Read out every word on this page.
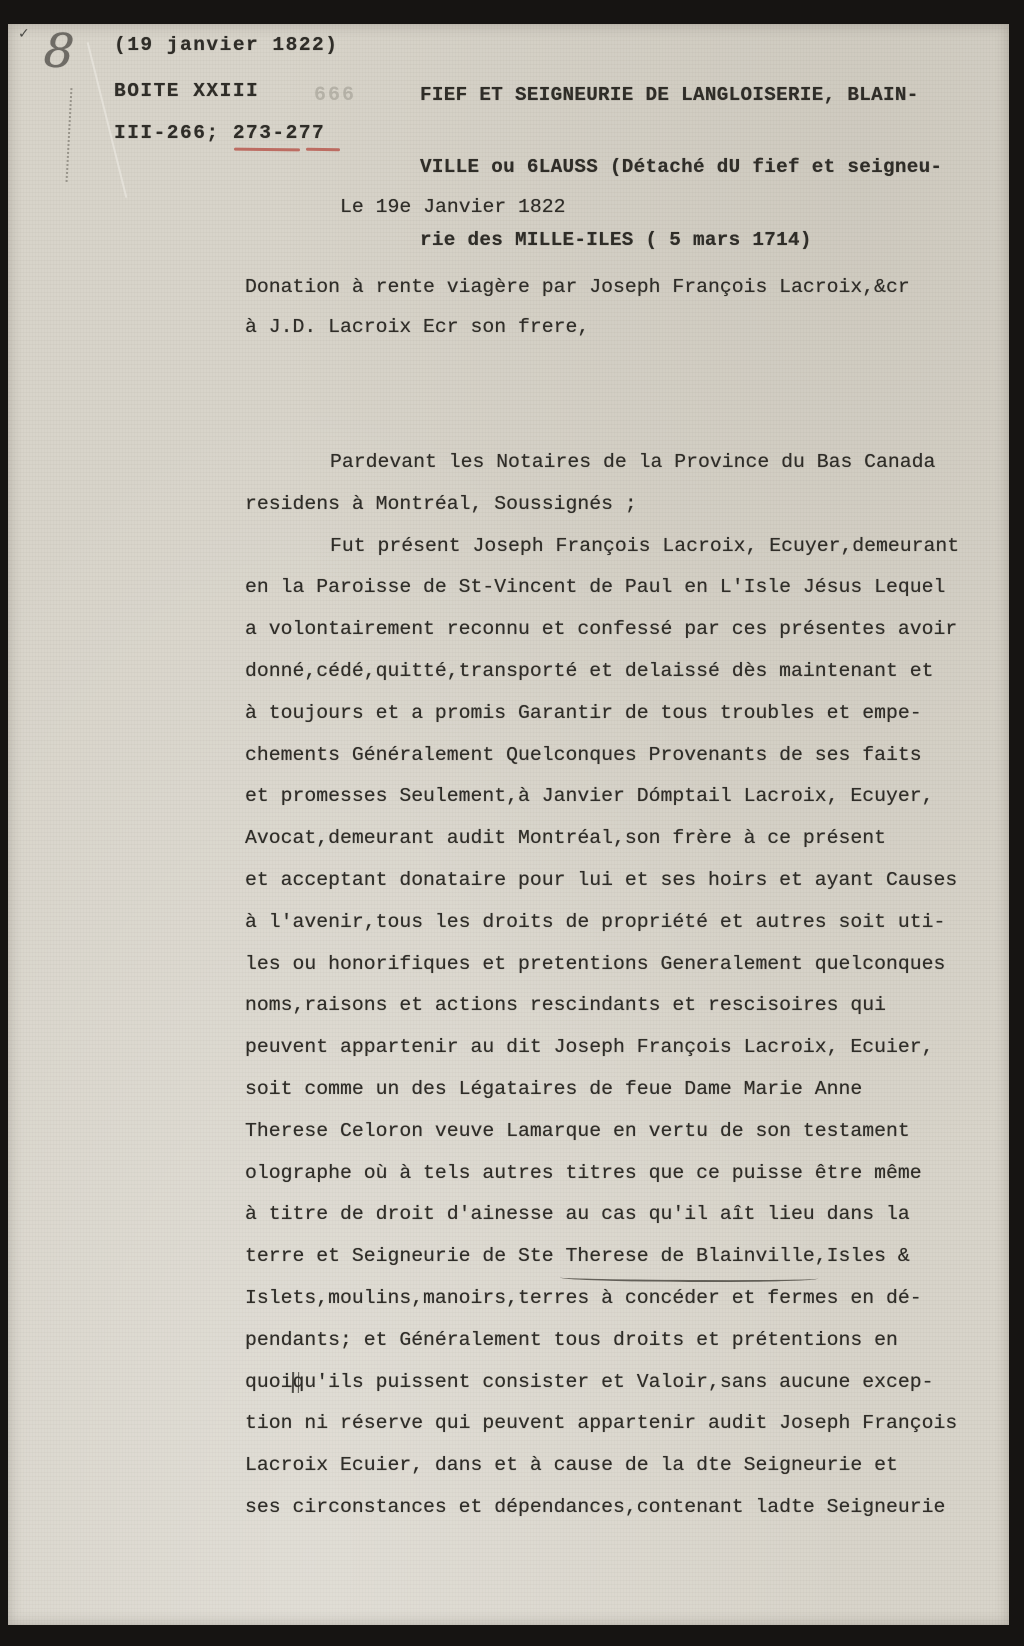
✓ 8 (19 janvier 1822)
BOITE XXIII	666
III-266; 273-277

FIEF ET SEIGNEURIE DE LANGLOISERIE, BLAIN-

VILLE ou 6LAUSS (Détaché dU fief et seigneu-

rie des MILLE-ILES ( 5 mars 1714)

Le 19e Janvier 1822
Donation à rente viagère par Joseph François Lacroix,&cr
à J.D. Lacroix Ecr son frere,
Pardevant les Notaires de la Province du Bas Canada
residens à Montréal, Soussignés ;
Fut présent Joseph François Lacroix, Ecuyer,demeurant
en la Paroisse de St-Vincent de Paul en L'Isle Jésus Lequel
a volontairement reconnu et confessé par ces présentes avoir
donné,cédé,quitté,transporté et delaissé dès maintenant et
à toujours et a promis Garantir de tous troubles et empe-
chements Généralement Quelconques Provenants de ses faits
et promesses Seulement,à Janvier Dómptail Lacroix, Ecuyer,
Avocat,demeurant audit Montréal,son frère à ce présent
et acceptant donataire pour lui et ses hoirs et ayant Causes
à l'avenir,tous les droits de propriété et autres soit uti-
les ou honorifiques et pretentions Generalement quelconques
noms,raisons et actions rescindants et rescisoires qui
peuvent appartenir au dit Joseph François Lacroix, Ecuier,
soit comme un des Légataires de feue Dame Marie Anne
Therese Celoron veuve Lamarque en vertu de son testament
olographe où à tels autres titres que ce puisse être même
à titre de droit d'ainesse au cas qu'il aît lieu dans la
terre et Seigneurie de Ste Therese de Blainville,Isles &
Islets,moulins,manoirs,terres à concéder et fermes en dé-
pendants; et Généralement tous droits et prétentions en
quoiqu'ils puissent consister et Valoir,sans aucune excep-
tion ni réserve qui peuvent appartenir audit Joseph François
Lacroix Ecuier, dans et à cause de la dte Seigneurie et
ses circonstances et dépendances,contenant ladte Seigneurie
